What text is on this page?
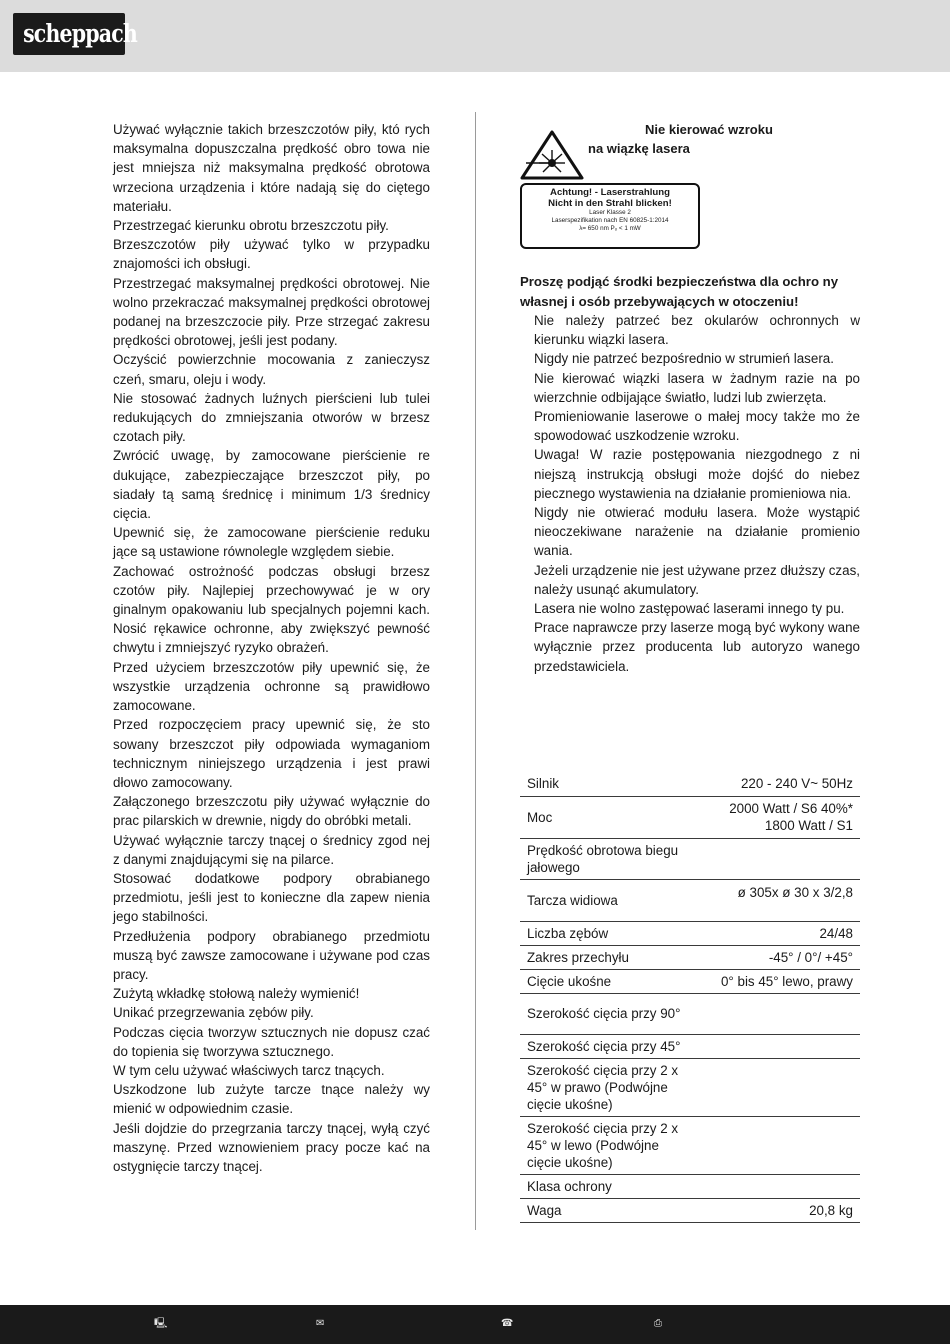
scheppach

Używać wyłącznie takich brzeszczotów piły, któ rych maksymalna dopuszczalna prędkość obro towa nie jest mniejsza niż maksymalna prędkość obrotowa wrzeciona urządzenia i które nadają się do ciętego materiału.

Przestrzegać kierunku obrotu brzeszczotu piły.

Brzeszczotów piły używać tylko w przypadku znajomości ich obsługi.

Przestrzegać maksymalnej prędkości obrotowej. Nie wolno przekraczać maksymalnej prędkości obrotowej podanej na brzeszczocie piły. Prze strzegać zakresu prędkości obrotowej, jeśli jest podany.

Oczyścić powierzchnie mocowania z zanieczysz czeń, smaru, oleju i wody.

Nie stosować żadnych luźnych pierścieni lub tulei redukujących do zmniejszania otworów w brzesz czotach piły.

Zwrócić uwagę, by zamocowane pierścienie re dukujące, zabezpieczające brzeszczot piły, po siadały tą samą średnicę i minimum 1/3 średnicy cięcia.

Upewnić się, że zamocowane pierścienie reduku jące są ustawione równolegle względem siebie.

Zachować ostrożność podczas obsługi brzesz czotów piły. Najlepiej przechowywać je w ory ginalnym opakowaniu lub specjalnych pojemni kach. Nosić rękawice ochronne, aby zwiększyć pewność chwytu i zmniejszyć ryzyko obrażeń.

Przed użyciem brzeszczotów piły upewnić się, że wszystkie urządzenia ochronne są prawidłowo zamocowane.

Przed rozpoczęciem pracy upewnić się, że sto sowany brzeszczot piły odpowiada wymaganiom technicznym niniejszego urządzenia i jest prawi dłowo zamocowany.

Załączonego brzeszczotu piły używać wyłącznie do prac pilarskich w drewnie, nigdy do obróbki metali.

Używać wyłącznie tarczy tnącej o średnicy zgod nej z danymi znajdującymi się na pilarce.

Stosować dodatkowe podpory obrabianego przedmiotu, jeśli jest to konieczne dla zapew nienia jego stabilności.

Przedłużenia podpory obrabianego przedmiotu muszą być zawsze zamocowane i używane pod czas pracy.

Zużytą wkładkę stołową należy wymienić!

Unikać przegrzewania zębów piły.

Podczas cięcia tworzyw sztucznych nie dopusz czać do topienia się tworzywa sztucznego.

W tym celu używać właściwych tarcz tnących.

Uszkodzone lub zużyte tarcze tnące należy wy mienić w odpowiednim czasie.

Jeśli dojdzie do przegrzania tarczy tnącej, wyłą czyć maszynę. Przed wznowieniem pracy pocze kać na ostygnięcie tarczy tnącej.

Nie kierować wzroku
na wiązkę lasera
Achtung! - Laserstrahlung
Nicht in den Strahl blicken!
Laser Klasse 2
Laserspezifikation nach EN 60825-1:2014
λ= 650 nm Pₒ < 1 mW
Proszę podjąć środki bezpieczeństwa dla ochro ny własnej i osób przebywających w otoczeniu!

Nie należy patrzeć bez okularów ochronnych w kierunku wiązki lasera.

Nigdy nie patrzeć bezpośrednio w strumień lasera.

Nie kierować wiązki lasera w żadnym razie na po wierzchnie odbijające światło, ludzi lub zwierzęta.

Promieniowanie laserowe o małej mocy także mo że spowodować uszkodzenie wzroku.

Uwaga! W razie postępowania niezgodnego z ni niejszą instrukcją obsługi może dojść do niebez piecznego wystawienia na działanie promieniowa nia.

Nigdy nie otwierać modułu lasera. Może wystąpić nieoczekiwane narażenie na działanie promienio wania.

Jeżeli urządzenie nie jest używane przez dłuższy czas, należy usunąć akumulatory.

Lasera nie wolno zastępować laserami innego ty pu.

Prace naprawcze przy laserze mogą być wykony wane wyłącznie przez producenta lub autoryzo wanego przedstawiciela.

Silnik	220 - 240 V~ 50Hz
Moc	2000 Watt / S6 40%*
1800 Watt / S1
Prędkość obrotowa biegu jałowego	
Tarcza widiowa	ø 305x ø 30 x 3/2,8
Liczba zębów	24/48
Zakres przechyłu	-45° / 0°/ +45°
Cięcie ukośne	0° bis 45° lewo, prawy
Szerokość cięcia przy 90°	
Szerokość cięcia przy 45°	
Szerokość cięcia przy 2 x 45° w prawo (Podwójne cięcie ukośne)	
Szerokość cięcia przy 2 x 45° w lewo (Podwójne cięcie ukośne)	
Klasa ochrony	
Waga	20,8 kg
🖳	✉	☎	⎙
